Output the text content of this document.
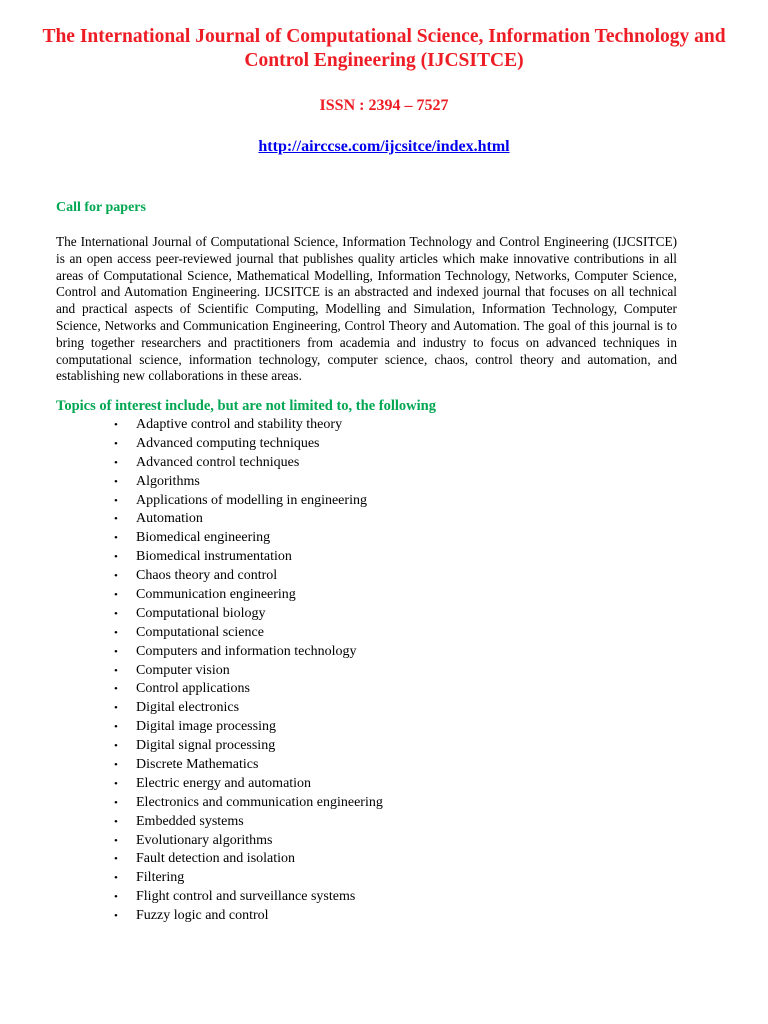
The International Journal of Computational Science, Information Technology and Control Engineering (IJCSITCE)
ISSN : 2394 – 7527
http://airccse.com/ijcsitce/index.html
Call for papers

The International Journal of Computational Science, Information Technology and Control Engineering (IJCSITCE) is an open access peer-reviewed journal that publishes quality articles which make innovative contributions in all areas of Computational Science, Mathematical Modelling, Information Technology, Networks, Computer Science, Control and Automation Engineering. IJCSITCE is an abstracted and indexed journal that focuses on all technical and practical aspects of Scientific Computing, Modelling and Simulation, Information Technology, Computer Science, Networks and Communication Engineering, Control Theory and Automation. The goal of this journal is to bring together researchers and practitioners from academia and industry to focus on advanced techniques in computational science, information technology, computer science, chaos, control theory and automation, and establishing new collaborations in these areas.

Topics of interest include, but are not limited to, the following
• Adaptive control and stability theory
• Advanced computing techniques
• Advanced control techniques
• Algorithms
• Applications of modelling in engineering
• Automation
• Biomedical engineering
• Biomedical instrumentation
• Chaos theory and control
• Communication engineering
• Computational biology
• Computational science
• Computers and information technology
• Computer vision
• Control applications
• Digital electronics
• Digital image processing
• Digital signal processing
• Discrete Mathematics
• Electric energy and automation
• Electronics and communication engineering
• Embedded systems
• Evolutionary algorithms
• Fault detection and isolation
• Filtering
• Flight control and surveillance systems
• Fuzzy logic and control
